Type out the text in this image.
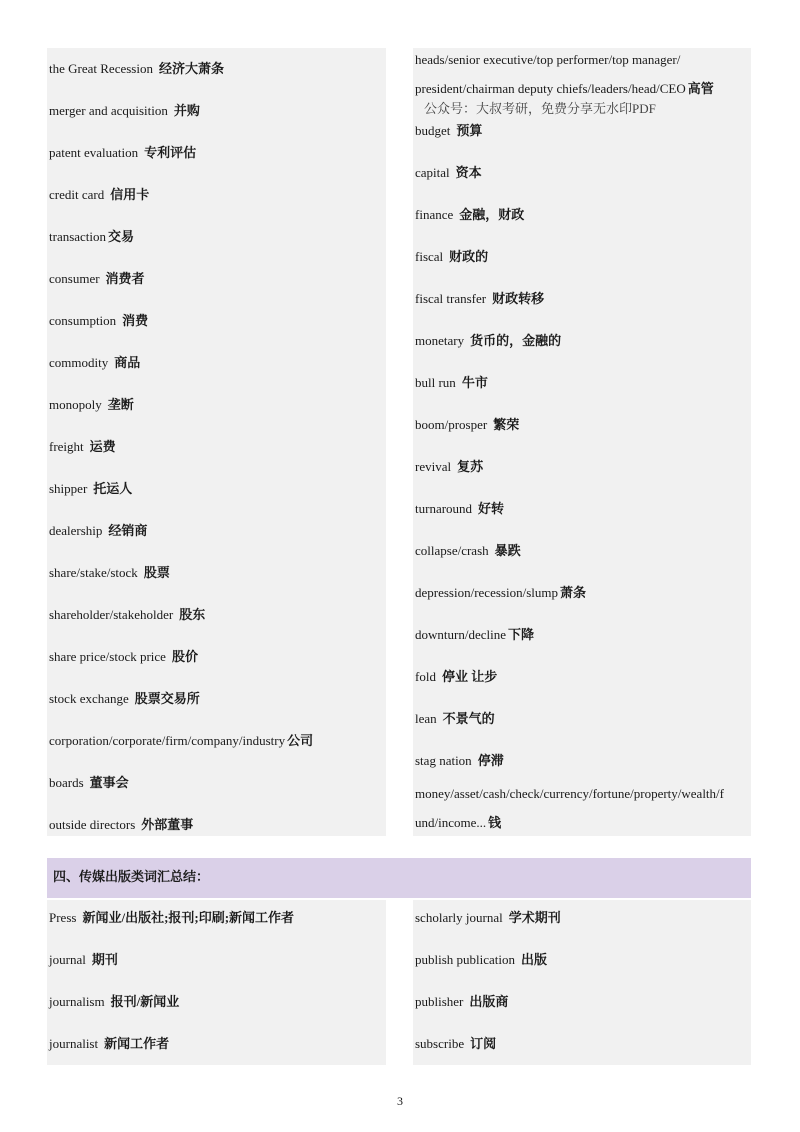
the Great Recession 经济大萧条
merger and acquisition 并购
patent evaluation 专利评估
credit card 信用卡
transaction 交易
consumer 消费者
consumption 消费
commodity 商品
monopoly 垄断
freight 运费
shipper 托运人
dealership 经销商
share/stake/stock 股票
shareholder/stakeholder 股东
share price/stock price 股价
stock exchange 股票交易所
corporation/corporate/firm/company/industry 公司
boards 董事会
outside directors 外部董事
heads/senior executive/top performer/top manager/
president/chairman deputy chiefs/leaders/head/CEO 高管
公众号：大叔考研，免费分享无水印PDF
budget 预算
capital 资本
finance 金融，财政
fiscal 财政的
fiscal transfer 财政转移
monetary 货币的，金融的
bull run 牛市
boom/prosper 繁荣
revival 复苏
turnaround 好转
collapse/crash 暴跌
depression/recession/slump 萧条
downturn/decline 下降
fold 停业 让步
lean 不景气的
stag nation 停滞
money/asset/cash/check/currency/fortune/property/wealth/f
und/income... 钱
四、传媒出版类词汇总结：
Press 新闻业/出版社;报刊;印刷;新闻工作者
journal 期刊
journalism 报刊/新闻业
journalist 新闻工作者
scholarly journal 学术期刊
publish publication 出版
publisher 出版商
subscribe 订阅
3
